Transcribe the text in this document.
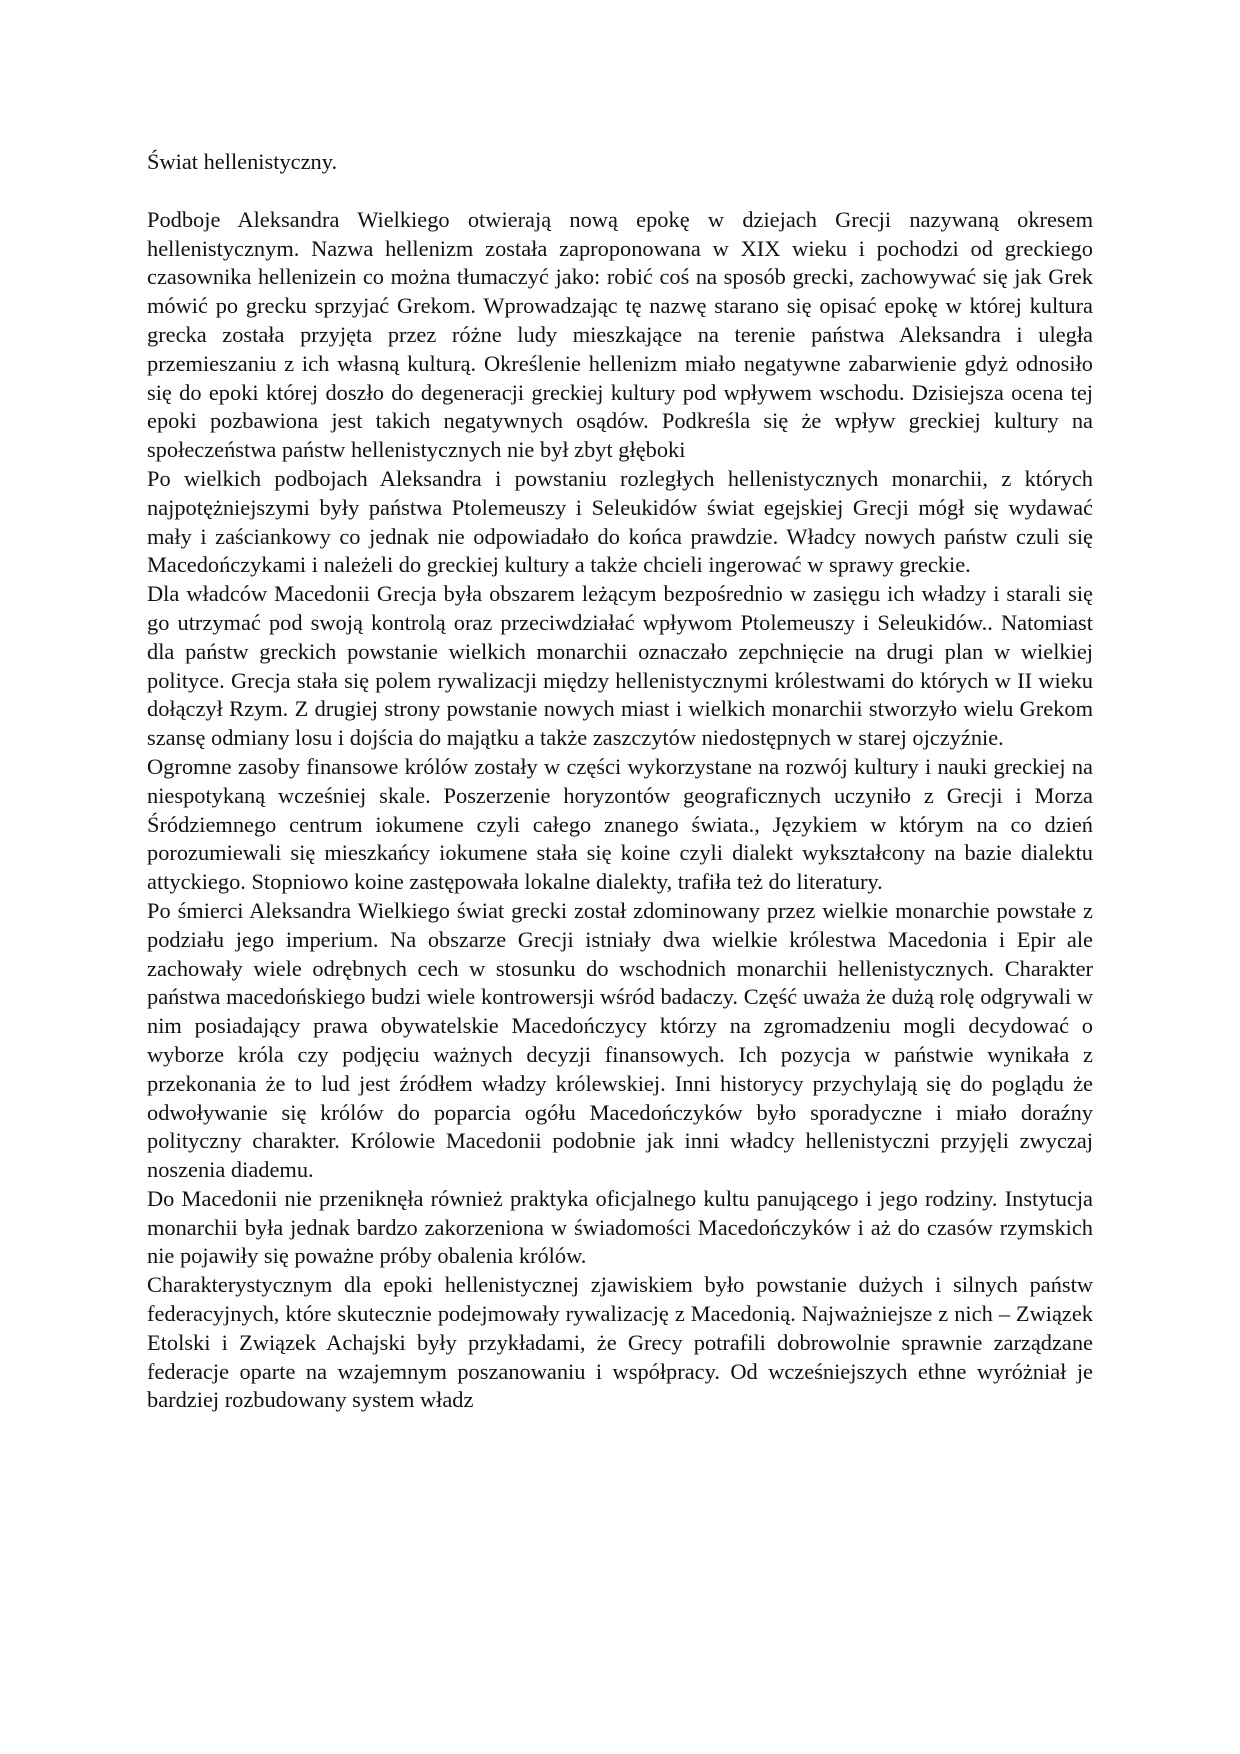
Świat hellenistyczny.

Podboje Aleksandra Wielkiego otwierają nową epokę w dziejach Grecji nazywaną okresem hellenistycznym. Nazwa hellenizm została zaproponowana w XIX wieku i pochodzi od greckiego czasownika hellenizein co można tłumaczyć jako: robić coś na sposób grecki, zachowywać się jak Grek mówić po grecku sprzyjać Grekom. Wprowadzając tę nazwę starano się opisać epokę w której kultura grecka została przyjęta przez różne ludy mieszkające na terenie państwa Aleksandra i uległa przemieszaniu z ich własną kulturą. Określenie hellenizm miało negatywne zabarwienie gdyż odnosiło się do epoki której doszło do degeneracji greckiej kultury pod wpływem wschodu. Dzisiejsza ocena tej epoki pozbawiona jest takich negatywnych osądów. Podkreśla się że wpływ greckiej kultury na społeczeństwa państw hellenistycznych nie był zbyt głęboki

Po wielkich podbojach Aleksandra i powstaniu rozległych hellenistycznych monarchii, z których najpotężniejszymi były państwa Ptolemeuszy i Seleukidów świat egejskiej Grecji mógł się wydawać mały i zaściankowy co jednak nie odpowiadało do końca prawdzie. Władcy nowych państw czuli się Macedończykami i należeli do greckiej kultury a także chcieli ingerować w sprawy greckie.

Dla władców Macedonii Grecja była obszarem leżącym bezpośrednio w zasięgu ich władzy i starali się go utrzymać pod swoją kontrolą oraz przeciwdziałać wpływom Ptolemeuszy i Seleukidów.. Natomiast dla państw greckich powstanie wielkich monarchii oznaczało zepchnięcie na drugi plan w wielkiej polityce. Grecja stała się polem rywalizacji między hellenistycznymi królestwami do których w II wieku dołączył Rzym. Z drugiej strony powstanie nowych miast i wielkich monarchii stworzyło wielu Grekom szansę odmiany losu i dojścia do majątku a także zaszczytów niedostępnych w starej ojczyźnie.

Ogromne zasoby finansowe królów zostały w części wykorzystane na rozwój kultury i nauki greckiej na niespotykaną wcześniej skale. Poszerzenie horyzontów geograficznych uczyniło z Grecji i Morza Śródziemnego centrum iokumene czyli całego znanego świata., Językiem w którym na co dzień porozumiewali się mieszkańcy iokumene stała się koine czyli dialekt wykształcony na bazie dialektu attyckiego. Stopniowo koine zastępowała lokalne dialekty, trafiła też do literatury.

Po śmierci Aleksandra Wielkiego świat grecki został zdominowany przez wielkie monarchie powstałe z podziału jego imperium. Na obszarze Grecji istniały dwa wielkie królestwa Macedonia i Epir ale zachowały wiele odrębnych cech w stosunku do wschodnich monarchii hellenistycznych. Charakter państwa macedońskiego budzi wiele kontrowersji wśród badaczy. Część uważa że dużą rolę odgrywali w nim posiadający prawa obywatelskie Macedończycy którzy na zgromadzeniu mogli decydować o wyborze króla czy podjęciu ważnych decyzji finansowych. Ich pozycja w państwie wynikała z przekonania że to lud jest źródłem władzy królewskiej. Inni historycy przychylają się do poglądu że odwoływanie się królów do poparcia ogółu Macedończyków było sporadyczne i miało doraźny polityczny charakter. Królowie Macedonii podobnie jak inni władcy hellenistyczni przyjęli zwyczaj noszenia diademu.

Do Macedonii nie przeniknęła również praktyka oficjalnego kultu panującego i jego rodziny. Instytucja monarchii była jednak bardzo zakorzeniona w świadomości Macedończyków i aż do czasów rzymskich nie pojawiły się poważne próby obalenia królów.

Charakterystycznym dla epoki hellenistycznej zjawiskiem było powstanie dużych i silnych państw federacyjnych, które skutecznie podejmowały rywalizację z Macedonią. Najważniejsze z nich – Związek Etolski i Związek Achajski były przykładami, że Grecy potrafili dobrowolnie sprawnie zarządzane federacje oparte na wzajemnym poszanowaniu i współpracy. Od wcześniejszych ethne wyróżniał je bardziej rozbudowany system władz
